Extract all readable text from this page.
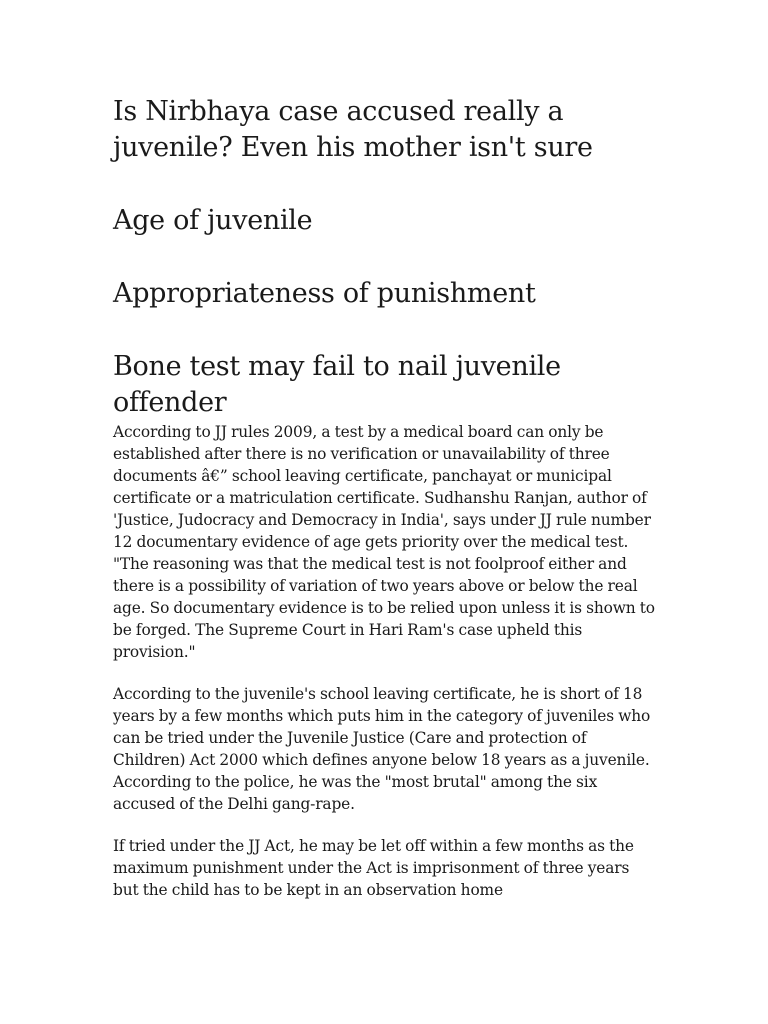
Is Nirbhaya case accused really a juvenile? Even his mother isn't sure
Age of juvenile
Appropriateness of punishment
Bone test may fail to nail juvenile offender

According to JJ rules 2009, a test by a medical board can only be established after there is no verification or unavailability of three documents â€” school leaving certificate, panchayat or municipal certificate or a matriculation certificate. Sudhanshu Ranjan, author of 'Justice, Judocracy and Democracy in India', says under JJ rule number 12 documentary evidence of age gets priority over the medical test.

"The reasoning was that the medical test is not foolproof either and there is a possibility of variation of two years above or below the real age. So documentary evidence is to be relied upon unless it is shown to be forged. The Supreme Court in Hari Ram's case upheld this provision."

According to the juvenile's school leaving certificate, he is short of 18 years by a few months which puts him in the category of juveniles who can be tried under the Juvenile Justice (Care and protection of Children) Act 2000 which defines anyone below 18 years as a juvenile. According to the police, he was the "most brutal" among the six accused of the Delhi gang-rape.

If tried under the JJ Act, he may be let off within a few months as the maximum punishment under the Act is imprisonment of three years but the child has to be kept in an observation home
